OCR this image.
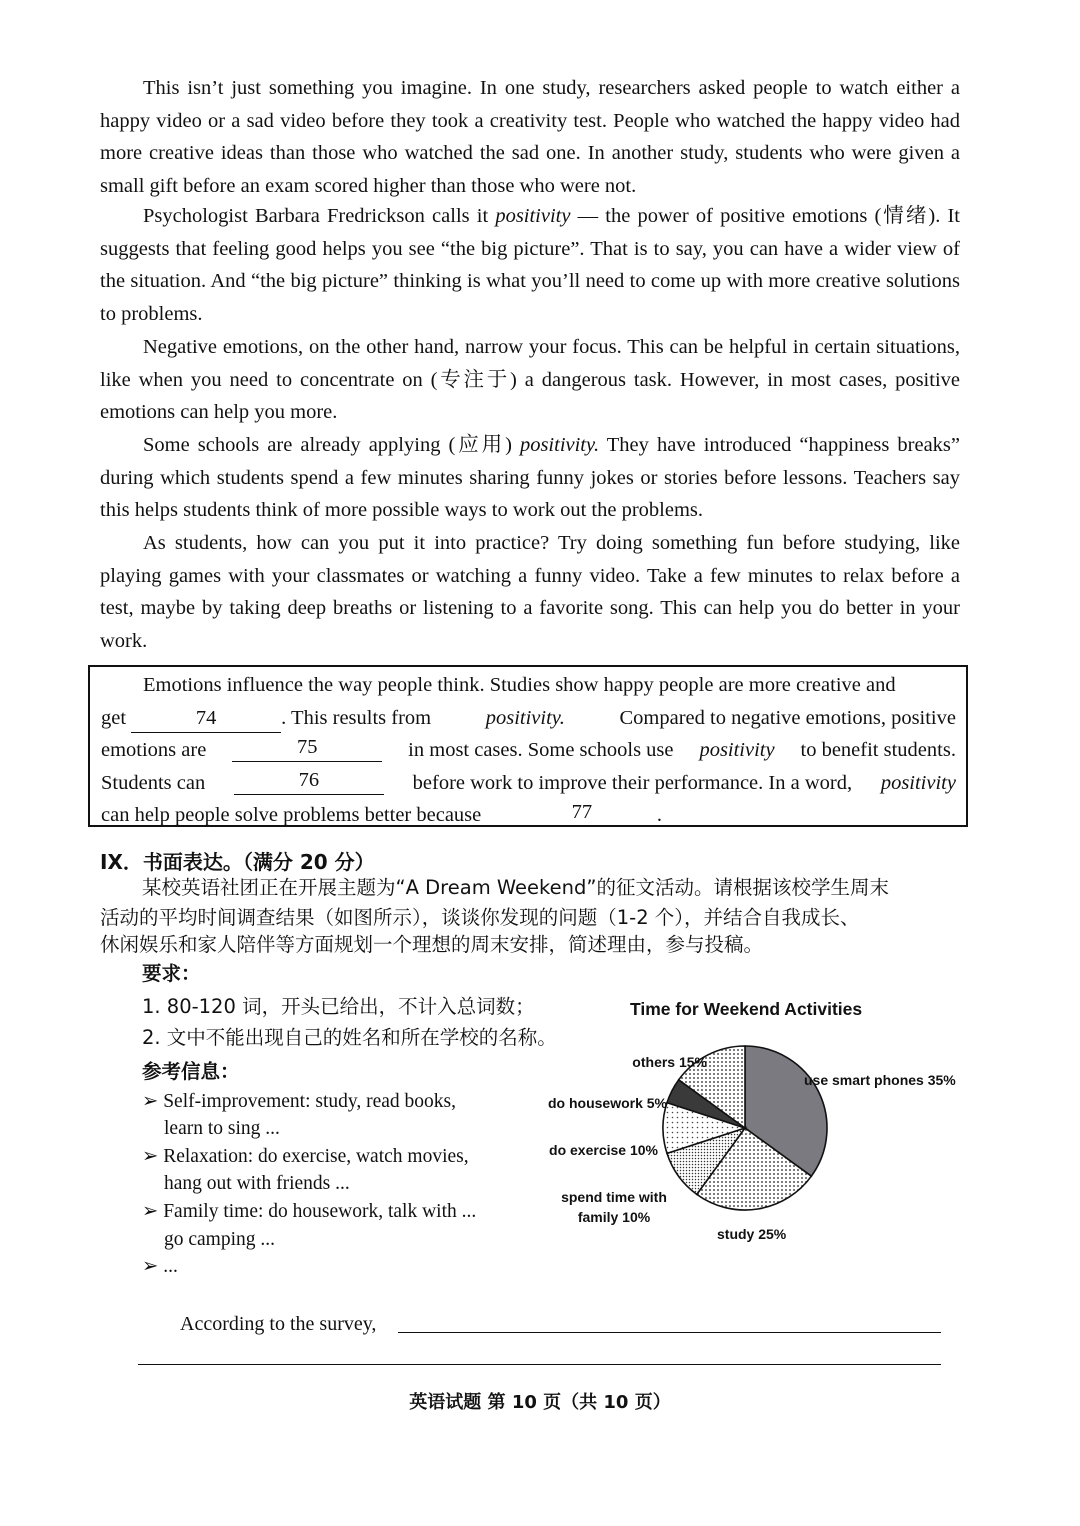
This isn’t just something you imagine. In one study, researchers asked people to watch either a happy video or a sad video before they took a creativity test. People who watched the happy video had more creative ideas than those who watched the sad one. In another study, students who were given a small gift before an exam scored higher than those who were not.

Psychologist Barbara Fredrickson calls it positivity — the power of positive emotions (情绪). It suggests that feeling good helps you see “the big picture”. That is to say, you can have a wider view of the situation. And “the big picture” thinking is what you’ll need to come up with more creative solutions to problems.

Negative emotions, on the other hand, narrow your focus. This can be helpful in certain situations, like when you need to concentrate on (专注于) a dangerous task. However, in most cases, positive emotions can help you more.

Some schools are already applying (应用) positivity. They have introduced “happiness breaks” during which students spend a few minutes sharing funny jokes or stories before lessons. Teachers say this helps students think of more possible ways to work out the problems.

As students, how can you put it into practice? Try doing something fun before studying, like playing games with your classmates or watching a funny video. Take a few minutes to relax before a test, maybe by taking deep breaths or listening to a favorite song. This can help you do better in your work.

Emotions influence the way people think. Studies show happy people are more creative and
get	74	. This results from	positivity.	Compared to negative emotions, positive
emotions are	75	in most cases. Some schools use positivity to benefit students.
Students can	76	before work to improve their performance. In a word, positivity
can help people solve problems better because
	77	.
IX．书面表达。（满分 20 分）
某校英语社团正在开展主题为“A Dream Weekend”的征文活动。请根据该校学生周末
活动的平均时间调查结果（如图所示），谈谈你发现的问题（1-2 个），并结合自我成长、
休闲娱乐和家人陪伴等方面规划一个理想的周末安排，简述理由，参与投稿。
要求：
1. 80-120 词，开头已给出，不计入总词数；
2. 文中不能出现自己的姓名和所在学校的名称。
参考信息：
➢ Self-improvement: study, read books,
learn to sing ...
➢ Relaxation: do exercise, watch movies,
hang out with friends ...
➢ Family time: do housework, talk with ...
go camping ...
➢ ...
Time for Weekend Activities
use smart phones 35%
study 25%
spend time with family 10%
do exercise 10%
do housework 5%
others 15%
According to the survey,
英语试题 第 10 页（共 10 页）
